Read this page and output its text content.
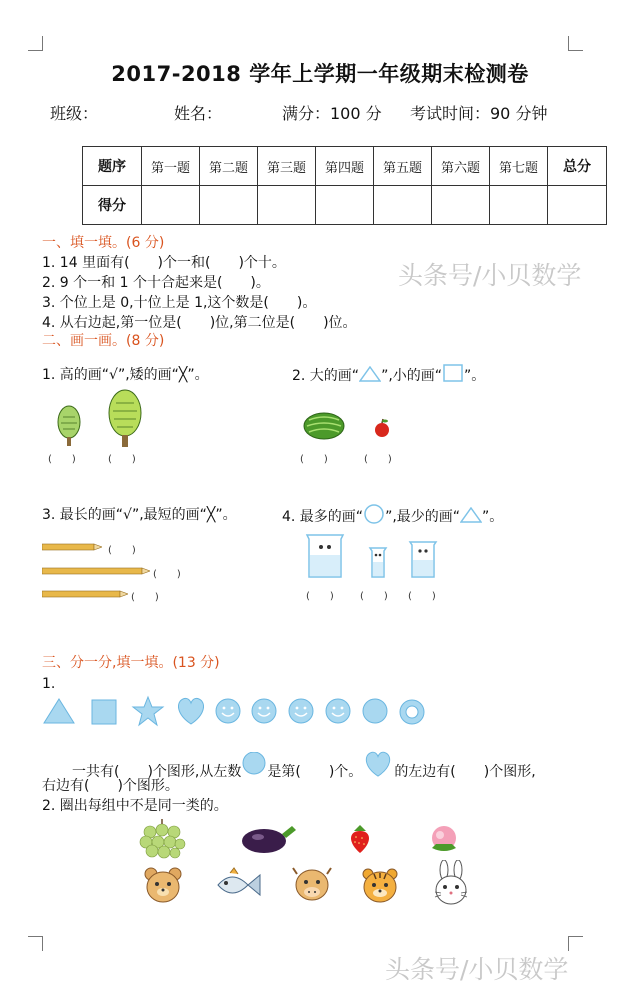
2017-2018 学年上学期一年级期末检测卷
班级：	姓名：	满分：100 分 考试时间：90 分钟
题序	第一题	第二题	第三题	第四题	第五题	第六题	第七题	总分
得分								
头条号/小贝数学
头条号/小贝数学
一、填一填。(6 分)
1. 14 里面有(　　)个一和(　　)个十。
2. 9 个一和 1 个十合起来是(　　)。
3. 个位上是 0,十位上是 1,这个数是(　　)。
4. 从右边起,第一位是(　　)位,第二位是(　　)位。
二、画一画。(8 分)
1. 高的画“√”,矮的画“╳”。	2. 大的画“ ”,小的画“ ”。
(　　)	(　　)	(　　)	(　　)
3. 最长的画“√”,最短的画“╳”。	4. 最多的画“ ”,最少的画“ ”。
(　　)
(　　)
(　　)	(　　)	(　　) (　　)
三、分一分,填一填。(13 分)
1.
一共有(　　)个图形,从左数 是第(　　)个。 的左边有(　　)个图形,
右边有(　　)个图形。
2. 圈出每组中不是同一类的。
